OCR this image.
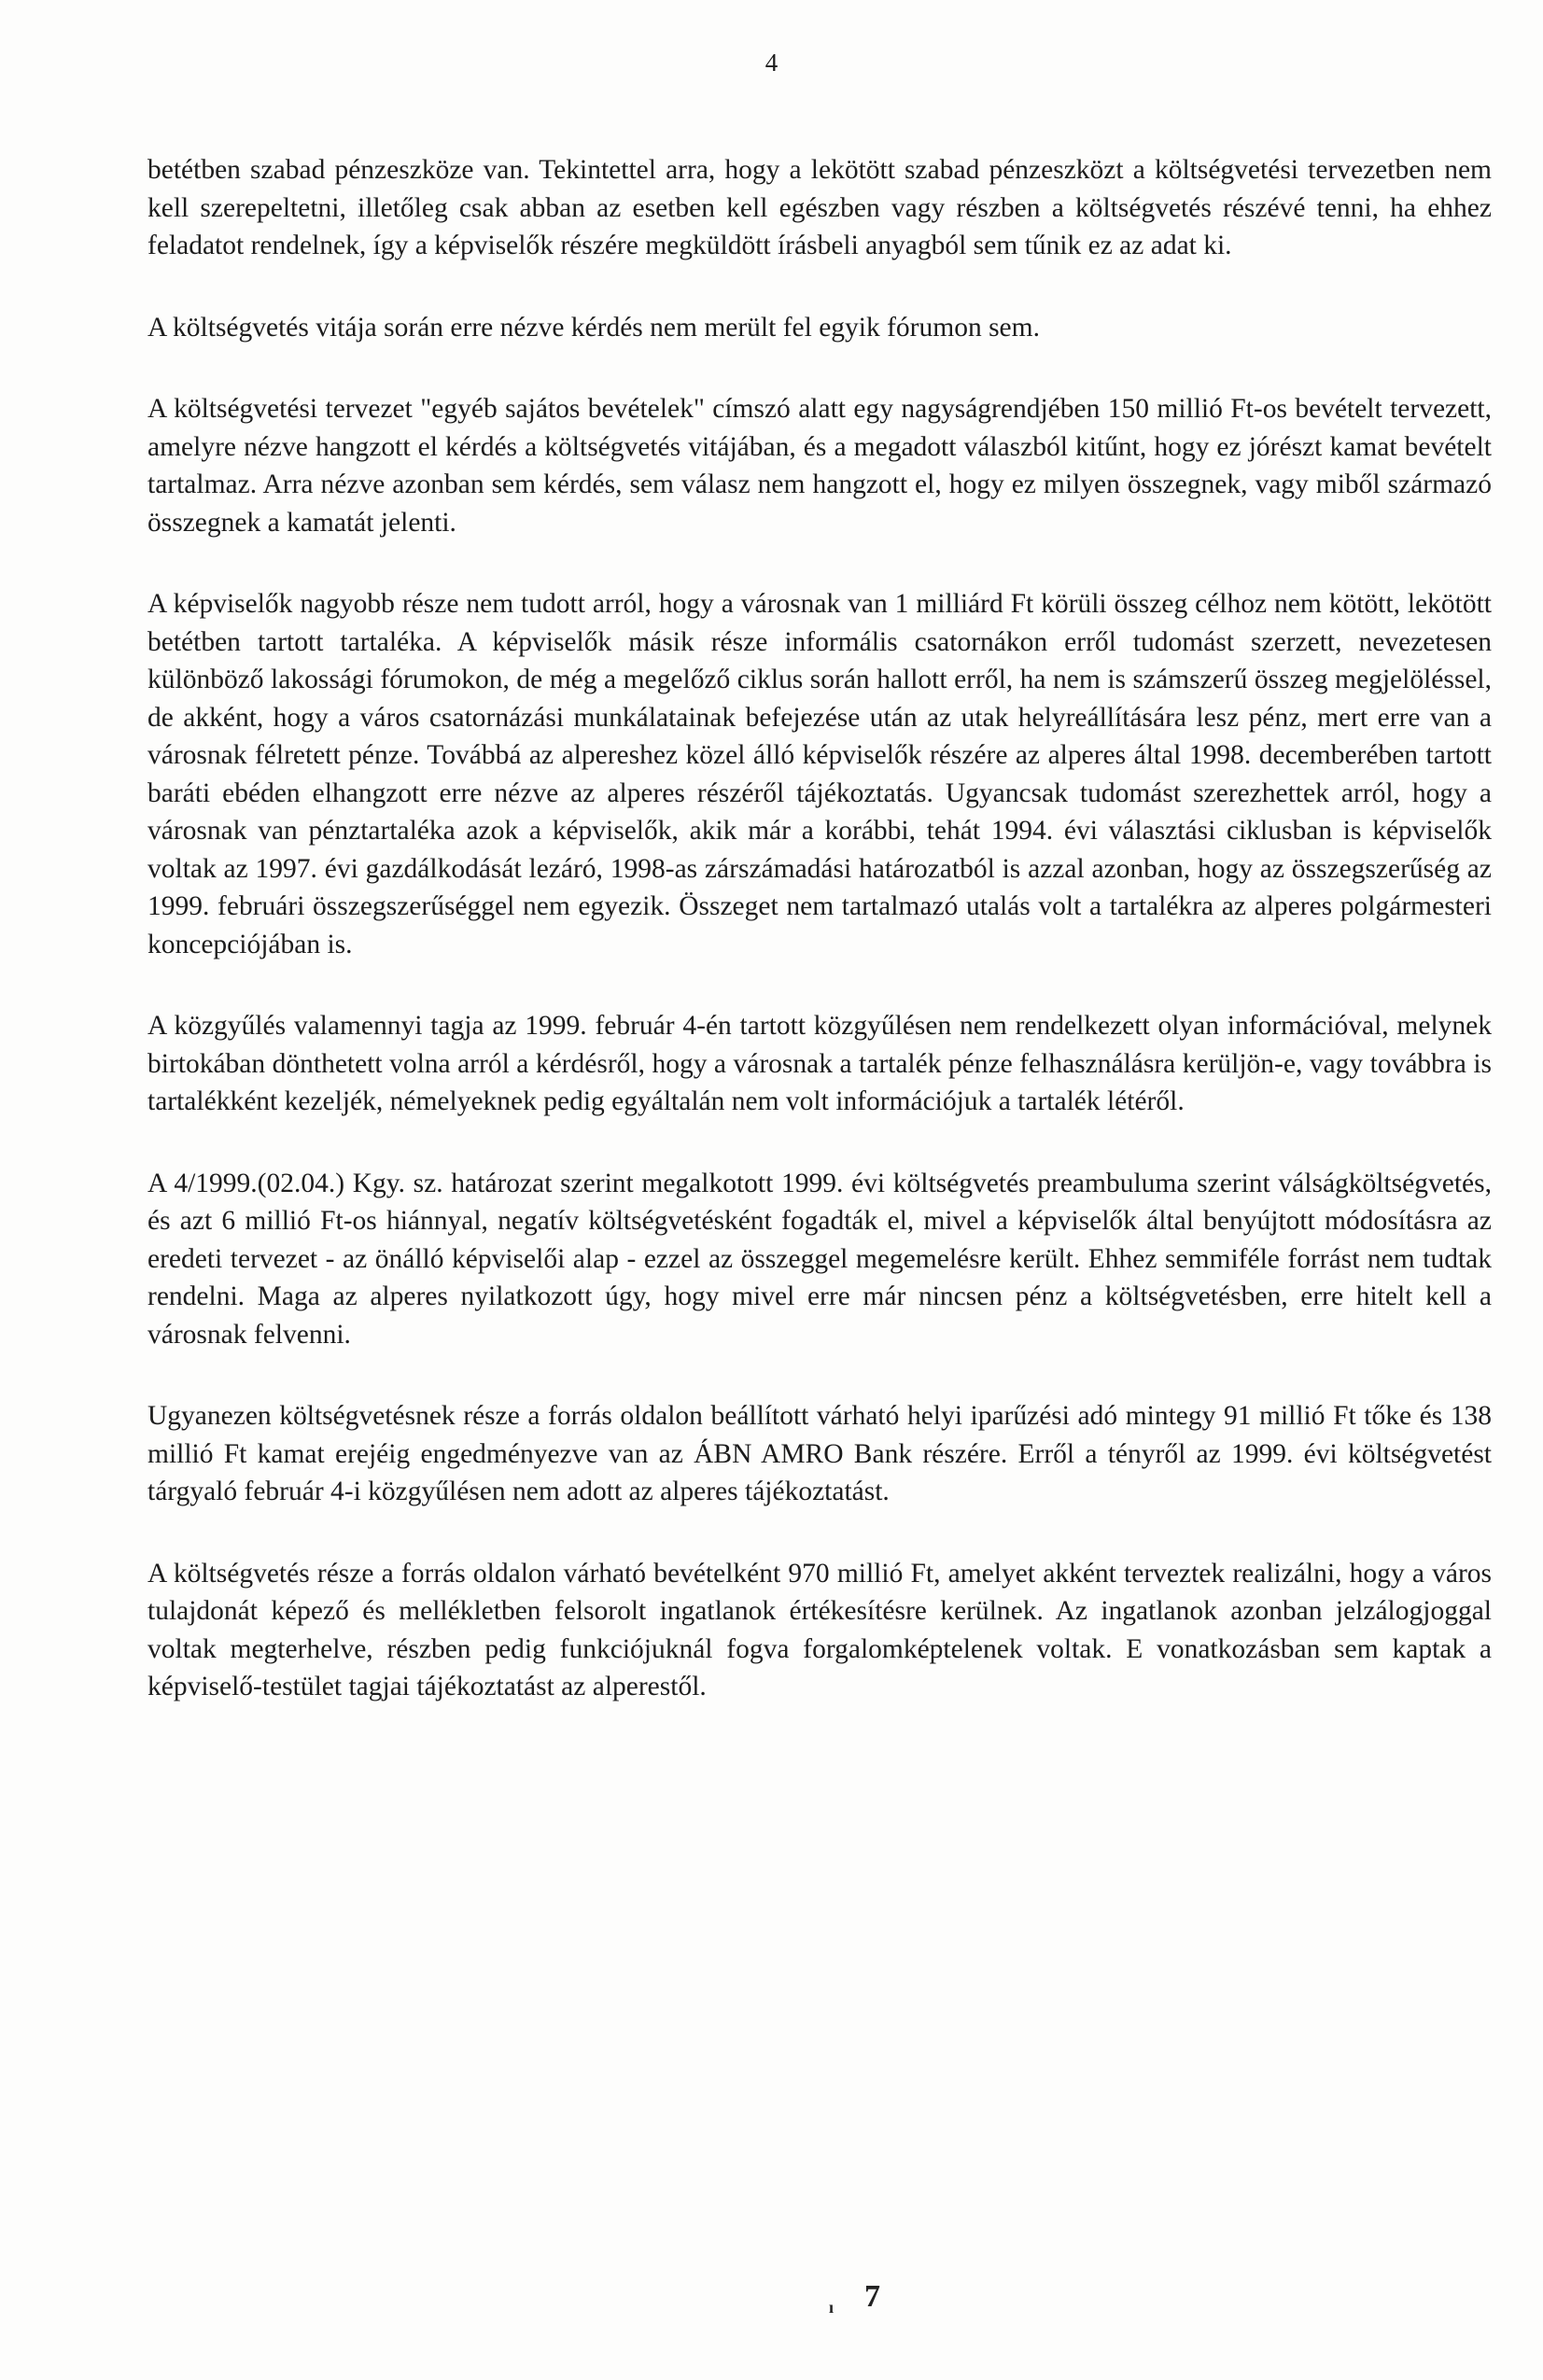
4

betétben szabad pénzeszköze van. Tekintettel arra, hogy a lekötött szabad pénzeszközt a költségvetési tervezetben nem kell szerepeltetni, illetőleg csak abban az esetben kell egészben vagy részben a költségvetés részévé tenni, ha ehhez feladatot rendelnek, így a képviselők részére megküldött írásbeli anyagból sem tűnik ez az adat ki.

A költségvetés vitája során erre nézve kérdés nem merült fel egyik fórumon sem.

A költségvetési tervezet "egyéb sajátos bevételek" címszó alatt egy nagyságrendjében 150 millió Ft-os bevételt tervezett, amelyre nézve hangzott el kérdés a költségvetés vitájában, és a megadott válaszból kitűnt, hogy ez jórészt kamat bevételt tartalmaz. Arra nézve azonban sem kérdés, sem válasz nem hangzott el, hogy ez milyen összegnek, vagy miből származó összegnek a kamatát jelenti.

A képviselők nagyobb része nem tudott arról, hogy a városnak van 1 milliárd Ft körüli összeg célhoz nem kötött, lekötött betétben tartott tartaléka. A képviselők másik része informális csatornákon erről tudomást szerzett, nevezetesen különböző lakossági fórumokon, de még a megelőző ciklus során hallott erről, ha nem is számszerű összeg megjelöléssel, de akként, hogy a város csatornázási munkálatainak befejezése után az utak helyreállítására lesz pénz, mert erre van a városnak félretett pénze. Továbbá az alpereshez közel álló képviselők részére az alperes által 1998. decemberében tartott baráti ebéden elhangzott erre nézve az alperes részéről tájékoztatás. Ugyancsak tudomást szerezhettek arról, hogy a városnak van pénztartaléka azok a képviselők, akik már a korábbi, tehát 1994. évi választási ciklusban is képviselők voltak az 1997. évi gazdálkodását lezáró, 1998-as zárszámadási határozatból is azzal azonban, hogy az összegszerűség az 1999. februári összegszerűséggel nem egyezik. Összeget nem tartalmazó utalás volt a tartalékra az alperes polgármesteri koncepciójában is.

A közgyűlés valamennyi tagja az 1999. február 4-én tartott közgyűlésen nem rendelkezett olyan információval, melynek birtokában dönthetett volna arról a kérdésről, hogy a városnak a tartalék pénze felhasználásra kerüljön-e, vagy továbbra is tartalékként kezeljék, némelyeknek pedig egyáltalán nem volt információjuk a tartalék létéről.

A 4/1999.(02.04.) Kgy. sz. határozat szerint megalkotott 1999. évi költségvetés preambuluma szerint válságköltségvetés, és azt 6 millió Ft-os hiánnyal, negatív költségvetésként fogadták el, mivel a képviselők által benyújtott módosításra az eredeti tervezet - az önálló képviselői alap - ezzel az összeggel megemelésre került. Ehhez semmiféle forrást nem tudtak rendelni. Maga az alperes nyilatkozott úgy, hogy mivel erre már nincsen pénz a költségvetésben, erre hitelt kell a városnak felvenni.

Ugyanezen költségvetésnek része a forrás oldalon beállított várható helyi iparűzési adó mintegy 91 millió Ft tőke és 138 millió Ft kamat erejéig engedményezve van az ÁBN AMRO Bank részére. Erről a tényről az 1999. évi költségvetést tárgyaló február 4-i közgyűlésen nem adott az alperes tájékoztatást.

A költségvetés része a forrás oldalon várható bevételként 970 millió Ft, amelyet akként terveztek realizálni, hogy a város tulajdonát képező és mellékletben felsorolt ingatlanok értékesítésre kerülnek. Az ingatlanok azonban jelzálogjoggal voltak megterhelve, részben pedig funkciójuknál fogva forgalomképtelenek voltak. E vonatkozásban sem kaptak a képviselő-testület tagjai tájékoztatást az alperestől.

7
ı
